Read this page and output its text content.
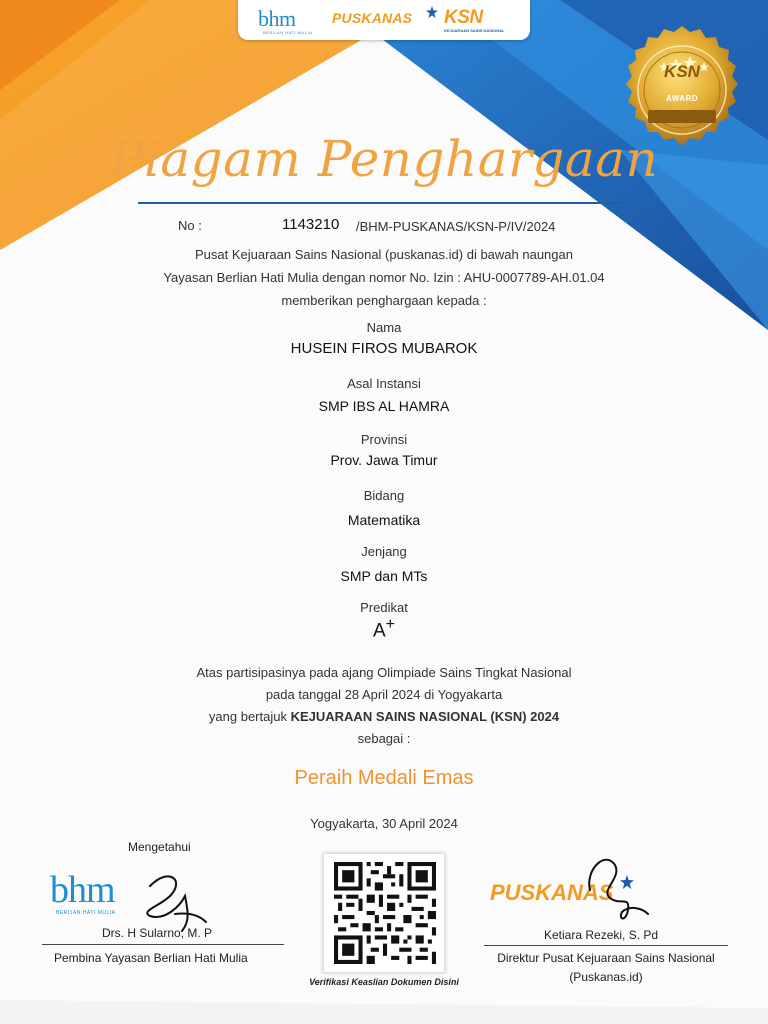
bhm
BERLIAN HATI MULIA
PUSKANAS KSN
KEJUARAAN SAINS NASIONAL
KSN
AWARD
Piagam Penghargaan
No :	1143210 /BHM-PUSKANAS/KSN-P/IV/2024
Pusat Kejuaraan Sains Nasional (puskanas.id) di bawah naungan
Yayasan Berlian Hati Mulia dengan nomor No. Izin : AHU-0007789-AH.01.04
memberikan penghargaan kepada :
Nama
HUSEIN FIROS MUBAROK
Asal Instansi
SMP IBS AL HAMRA
Provinsi
Prov. Jawa Timur
Bidang
Matematika
Jenjang
SMP dan MTs
Predikat
A+
Atas partisipasinya pada ajang Olimpiade Sains Tingkat Nasional
pada tanggal 28 April 2024 di Yogyakarta
yang bertajuk KEJUARAAN SAINS NASIONAL (KSN) 2024
sebagai :
Peraih Medali Emas
Yogyakarta, 30 April 2024
Mengetahui
bhm
BERLIAN HATI MULIA
Drs. H Sularno, M. P
Pembina Yayasan Berlian Hati Mulia
Verifikasi Keaslian Dokumen Disini
PUSKANAS
Ketiara Rezeki, S. Pd
Direktur Pusat Kejuaraan Sains Nasional
(Puskanas.id)
